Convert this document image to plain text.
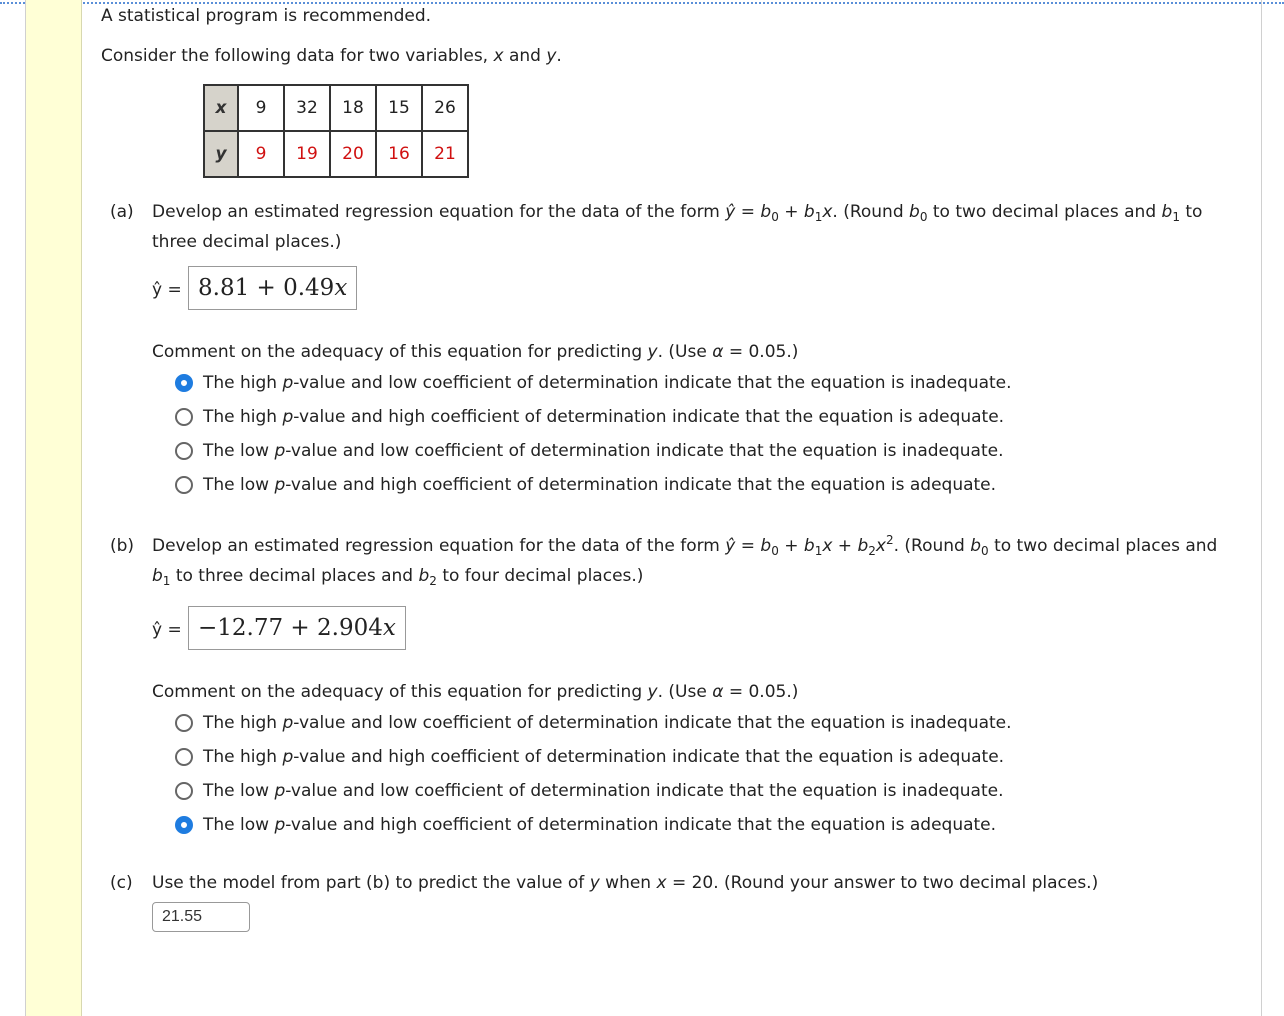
A statistical program is recommended.
Consider the following data for two variables, x and y.
x	9	32	18	15	26
y	9	19	20	16	21
(a) Develop an estimated regression equation for the data of the form ŷ = $b_0 + b_1x$. (Round $b_0$ to two decimal places and $b_1$ to
three decimal places.)
ŷ = 8.81 + 0.49x
Comment on the adequacy of this equation for predicting y. (Use α = 0.05.)
The high p-value and low coefficient of determination indicate that the equation is inadequate.
The high p-value and high coefficient of determination indicate that the equation is adequate.
The low p-value and low coefficient of determination indicate that the equation is inadequate.
The low p-value and high coefficient of determination indicate that the equation is adequate.
(b) Develop an estimated regression equation for the data of the form ŷ = $b_0 + b_1x + b_2x^2$. (Round $b_0$ to two decimal places and
$b_1$ to three decimal places and $b_2$ to four decimal places.)
ŷ = −12.77 + 2.904x
Comment on the adequacy of this equation for predicting y. (Use α = 0.05.)
The high p-value and low coefficient of determination indicate that the equation is inadequate.
The high p-value and high coefficient of determination indicate that the equation is adequate.
The low p-value and low coefficient of determination indicate that the equation is inadequate.
The low p-value and high coefficient of determination indicate that the equation is adequate.
(c) Use the model from part (b) to predict the value of y when x = 20. (Round your answer to two decimal places.)
21.55
